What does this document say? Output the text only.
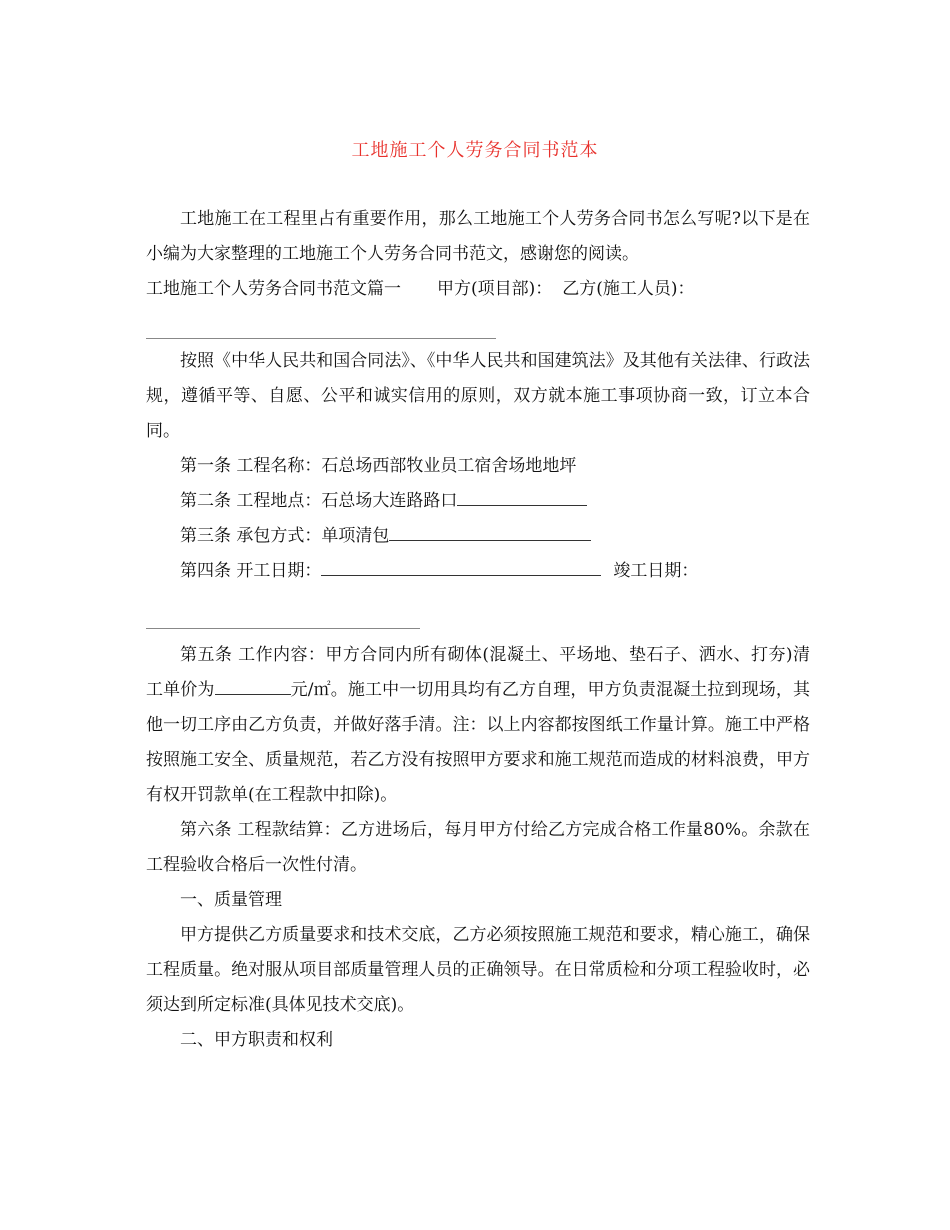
工地施工个人劳务合同书范本

工地施工在工程里占有重要作用，那么工地施工个人劳务合同书怎么写呢?以下是在小编为大家整理的工地施工个人劳务合同书范文，感谢您的阅读。

工地施工个人劳务合同书范文篇一 甲方(项目部)： 乙方(施工人员)：

按照《中华人民共和国合同法》、《中华人民共和国建筑法》及其他有关法律、行政法规，遵循平等、自愿、公平和诚实信用的原则，双方就本施工事项协商一致，订立本合同。

第一条 工程名称：石总场西部牧业员工宿舍场地地坪

第二条 工程地点：石总场大连路路口

第三条 承包方式：单项清包

第四条 开工日期：	竣工日期：

第五条 工作内容：甲方合同内所有砌体(混凝土、平场地、垫石子、洒水、打夯)清工单价为	元/㎡。施工中一切用具均有乙方自理，甲方负责混凝土拉到现场，其他一切工序由乙方负责，并做好落手清。注：以上内容都按图纸工作量计算。施工中严格按照施工安全、质量规范，若乙方没有按照甲方要求和施工规范而造成的材料浪费，甲方有权开罚款单(在工程款中扣除)。

第六条 工程款结算：乙方进场后，每月甲方付给乙方完成合格工作量80%。余款在工程验收合格后一次性付清。

一、质量管理

甲方提供乙方质量要求和技术交底，乙方必须按照施工规范和要求，精心施工，确保工程质量。绝对服从项目部质量管理人员的正确领导。在日常质检和分项工程验收时，必须达到所定标准(具体见技术交底)。

二、甲方职责和权利
